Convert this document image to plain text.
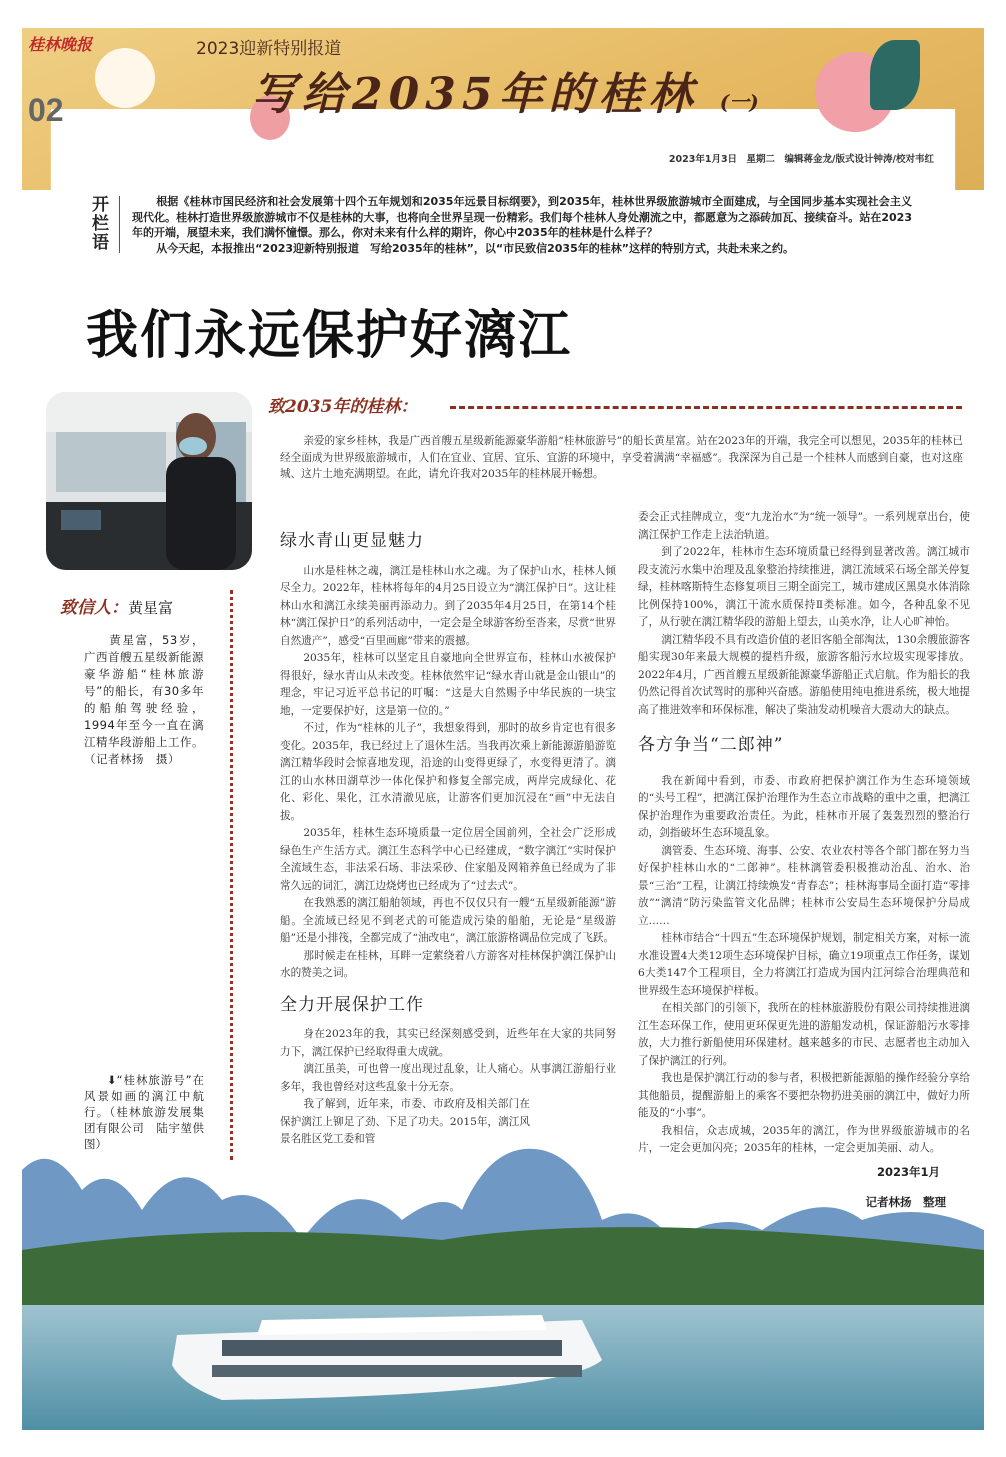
桂林晚报
02
2023迎新特别报道
写给2035年的桂林 (一)
2023年1月3日　星期二　编辑蒋金龙/版式设计钟涛/校对韦红
开栏语

根据《桂林市国民经济和社会发展第十四个五年规划和2035年远景目标纲要》，到2035年，桂林世界级旅游城市全面建成，与全国同步基本实现社会主义现代化。桂林打造世界级旅游城市不仅是桂林的大事，也将向全世界呈现一份精彩。我们每个桂林人身处潮流之中，都愿意为之添砖加瓦、接续奋斗。站在2023年的开端，展望未来，我们满怀憧憬。那么，你对未来有什么样的期许，你心中2035年的桂林是什么样子？

从今天起，本报推出“2023迎新特别报道　写给2035年的桂林”，以“市民致信2035年的桂林”这样的特别方式，共赴未来之约。

我们永远保护好漓江
致2035年的桂林：

亲爱的家乡桂林，我是广西首艘五星级新能源豪华游船“桂林旅游号”的船长黄星富。站在2023年的开端，我完全可以想见，2035年的桂林已经全面成为世界级旅游城市，人们在宜业、宜居、宜乐、宜游的环境中，享受着满满“幸福感”。我深深为自己是一个桂林人而感到自豪，也对这座城、这片土地充满期望。在此，请允许我对2035年的桂林展开畅想。

致信人：黄星富

黄星富，53岁，广西首艘五星级新能源豪华游船“桂林旅游号”的船长，有30多年的船舶驾驶经验，1994年至今一直在漓江精华段游船上工作。

（记者林扬　摄）

⬇“桂林旅游号”在风景如画的漓江中航行。（桂林旅游发展集团有限公司　陆宇堃供图）
绿水青山更显魅力

山水是桂林之魂，漓江是桂林山水之魂。为了保护山水，桂林人倾尽全力。2022年，桂林将每年的4月25日设立为“漓江保护日”。这让桂林山水和漓江永续美丽再添动力。到了2035年4月25日，在第14个桂林“漓江保护日”的系列活动中，一定会是全球游客纷至沓来，尽赏“世界自然遗产”，感受“百里画廊”带来的震撼。

2035年，桂林可以坚定且自豪地向全世界宣布，桂林山水被保护得很好，绿水青山从未改变。桂林依然牢记“绿水青山就是金山银山”的理念，牢记习近平总书记的叮嘱：“这是大自然赐予中华民族的一块宝地，一定要保护好，这是第一位的。”

不过，作为“桂林的儿子”，我想象得到，那时的故乡肯定也有很多变化。2035年，我已经过上了退休生活。当我再次乘上新能源游船游览漓江精华段时会惊喜地发现，沿途的山变得更绿了，水变得更清了。漓江的山水林田湖草沙一体化保护和修复全部完成，两岸完成绿化、花化、彩化、果化，江水清澈见底，让游客们更加沉浸在“画”中无法自拔。

2035年，桂林生态环境质量一定位居全国前列，全社会广泛形成绿色生产生活方式。漓江生态科学中心已经建成，“数字漓江”实时保护全流域生态，非法采石场、非法采砂、住家船及网箱养鱼已经成为了非常久远的词汇，漓江边烧烤也已经成为了“过去式”。

在我熟悉的漓江船舶领域，再也不仅仅只有一艘“五星级新能源”游船。全流域已经见不到老式的可能造成污染的船舶，无论是“星级游船”还是小排筏，全都完成了“油改电”，漓江旅游格调品位完成了飞跃。

那时候走在桂林，耳畔一定萦绕着八方游客对桂林保护漓江保护山水的赞美之词。

全力开展保护工作

身在2023年的我，其实已经深刻感受到，近些年在大家的共同努力下，漓江保护已经取得重大成就。

漓江虽美，可也曾一度出现过乱象，让人痛心。从事漓江游船行业多年，我也曾经对这些乱象十分无奈。

我了解到，近年来，市委、市政府及相关部门在保护漓江上铆足了劲、下足了功夫。2015年，漓江风景名胜区党工委和管

委会正式挂牌成立，变“九龙治水”为“统一领导”。一系列规章出台，使漓江保护工作走上法治轨道。

到了2022年，桂林市生态环境质量已经得到显著改善。漓江城市段支流污水集中治理及乱象整治持续推进，漓江流域采石场全部关停复绿，桂林喀斯特生态修复项目三期全面完工，城市建成区黑臭水体消除比例保持100%，漓江干流水质保持Ⅱ类标准。如今，各种乱象不见了，从行驶在漓江精华段的游船上望去，山美水净，让人心旷神怡。

漓江精华段不具有改造价值的老旧客船全部淘汰，130余艘旅游客船实现30年来最大规模的提档升级，旅游客船污水垃圾实现零排放。2022年4月，广西首艘五星级新能源豪华游船正式启航。作为船长的我仍然记得首次试驾时的那种兴奋感。游船使用纯电推进系统，极大地提高了推进效率和环保标准，解决了柴油发动机噪音大震动大的缺点。

各方争当“二郎神”

我在新闻中看到，市委、市政府把保护漓江作为生态环境领域的“头号工程”，把漓江保护治理作为生态立市战略的重中之重，把漓江保护治理作为重要政治责任。为此，桂林市开展了轰轰烈烈的整治行动，剑指破坏生态环境乱象。

漓管委、生态环境、海事、公安、农业农村等各个部门都在努力当好保护桂林山水的“二郎神”。桂林漓管委积极推动治乱、治水、治景“三治”工程，让漓江持续焕发“青春态”；桂林海事局全面打造“零排放”“漓清”防污染监管文化品牌；桂林市公安局生态环境保护分局成立……

桂林市结合“十四五”生态环境保护规划，制定相关方案，对标一流水准设置4大类12项生态环境保护目标，确立19项重点工作任务，谋划6大类147个工程项目，全力将漓江打造成为国内江河综合治理典范和世界级生态环境保护样板。

在相关部门的引领下，我所在的桂林旅游股份有限公司持续推进漓江生态环保工作，使用更环保更先进的游船发动机，保证游船污水零排放，大力推行新船使用环保建材。越来越多的市民、志愿者也主动加入了保护漓江的行列。

我也是保护漓江行动的参与者，积极把新能源船的操作经验分享给其他船员，提醒游船上的乘客不要把杂物扔进美丽的漓江中，做好力所能及的“小事”。

我相信，众志成城，2035年的漓江，作为世界级旅游城市的名片，一定会更加闪亮；2035年的桂林，一定会更加美丽、动人。

2023年1月
记者林扬　整理
